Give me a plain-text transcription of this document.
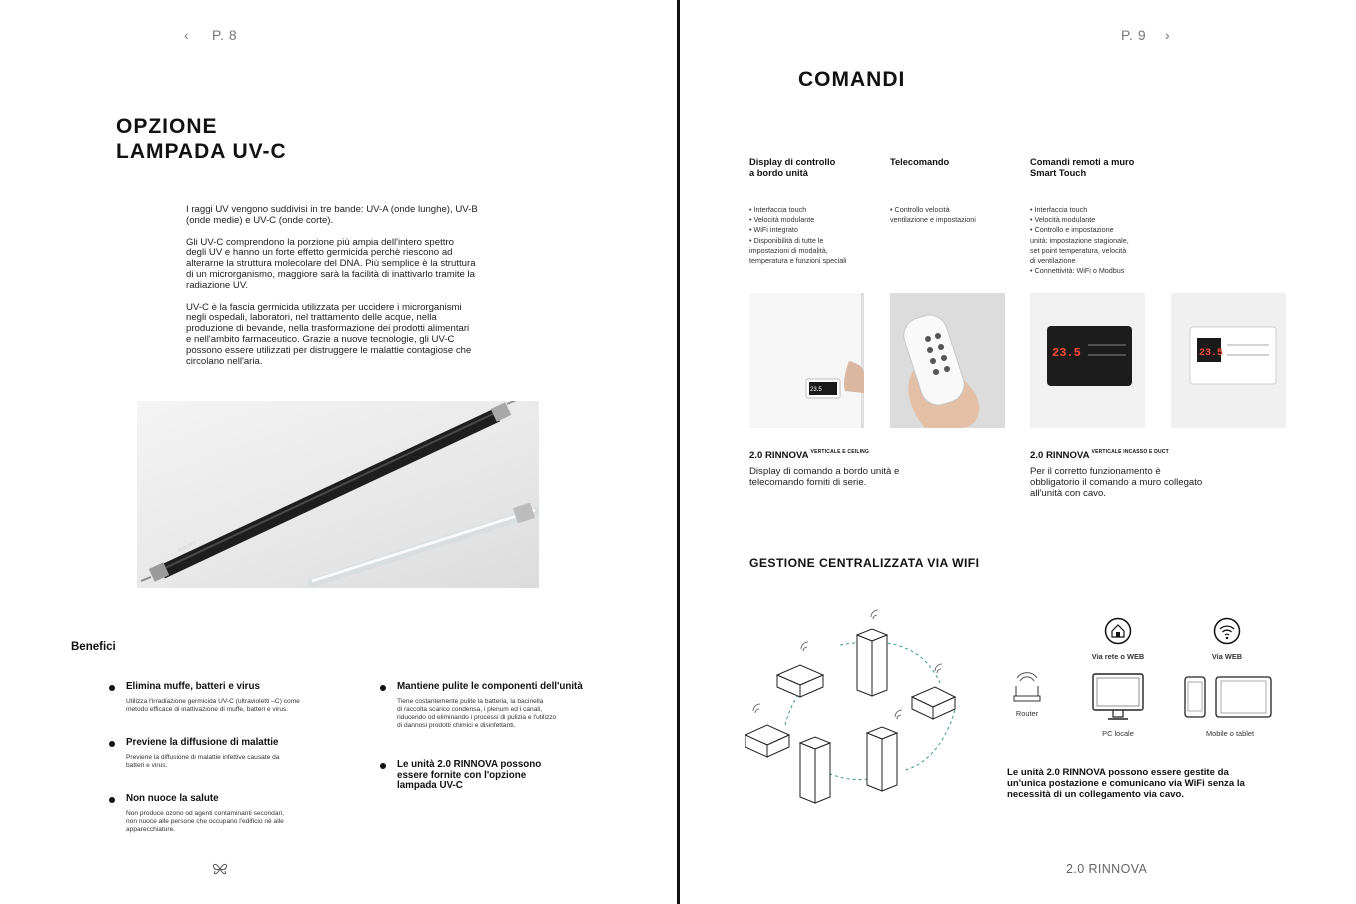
‹ P. 8
OPZIONE
LAMPADA UV-C

I raggi UV vengono suddivisi in tre bande: UV-A (onde lunghe), UV-B
(onde medie) e UV-C (onde corte).

Gli UV-C comprendono la porzione più ampia dell'intero spettro
degli UV e hanno un forte effetto germicida perchè riescono ad
alterarne la struttura molecolare del DNA. Più semplice è la struttura
di un microrganismo, maggiore sarà la facilità di inattivarlo tramite la
radiazione UV.

UV-C è la fascia germicida utilizzata per uccidere i microrganismi
negli ospedali, laboratori, nel trattamento delle acque, nella
produzione di bevande, nella trasformazione dei prodotti alimentari
e nell'ambito farmaceutico. Grazie a nuove tecnologie, gli UV-C
possono essere utilizzati per distruggere le malattie contagiose che
circolano nell'aria.

PHILIPS
Benefici
Elimina muffe, batteri e virus
Utilizza l'irradiazione germicida UV-C (ultravioletti –C) come
metodo efficace di inattivazione di muffe, batteri e virus.
Previene la diffusione di malattie
Previene la diffusione di malattie infettive causate da
batteri e virus.
Non nuoce la salute
Non produce ozono od agenti contaminanti secondari,
non nuoce alle persone che occupano l'edificio nè alle
apparecchiature.
Mantiene pulite le componenti dell'unità
Tiene costantemente pulite la batteria, la bacinella
di raccolta scarico condensa, i plenum ed i canali,
riducendo od eliminando i processi di pulizia e l'utilizzo
di dannosi prodotti chimici e disinfettanti.
Le unità 2.0 RINNOVA possono
essere fornite con l'opzione
lampada UV-C
P. 9 ›
COMANDI
Display di controllo
a bordo unità
Telecomando	Comandi remoti a muro
Smart Touch
• Interfaccia touch
• Velocità modulante
• WiFi integrato
• Disponibilità di tutte le
impostazioni di modalità,
temperatura e funzioni speciali
• Controllo velocità
ventilazione e impostazioni
• Interfaccia touch
• Velocità modulante
• Controllo e impostazione
unità: impostazione stagionale,
set point temperatura, velocità
di ventilazione
• Connettività: WiFi o Modbus
23.5
23.5	23.5
2.0 RINNOVA $^{VERTICALE E CEILING}$
Display di comando a bordo unità e
telecomando forniti di serie.
2.0 RINNOVA $^{VERTICALE INCASSO E DUCT}$
Per il corretto funzionamento è
obbligatorio il comando a muro collegato
all'unità con cavo.
GESTIONE CENTRALIZZATA VIA WIFI
Router
Via rete o WEB	Via WEB
PC locale	Mobile o tablet
Le unità 2.0 RINNOVA possono essere gestite da
un'unica postazione e comunicano via WiFi senza la
necessità di un collegamento via cavo.
2.0 RINNOVA
